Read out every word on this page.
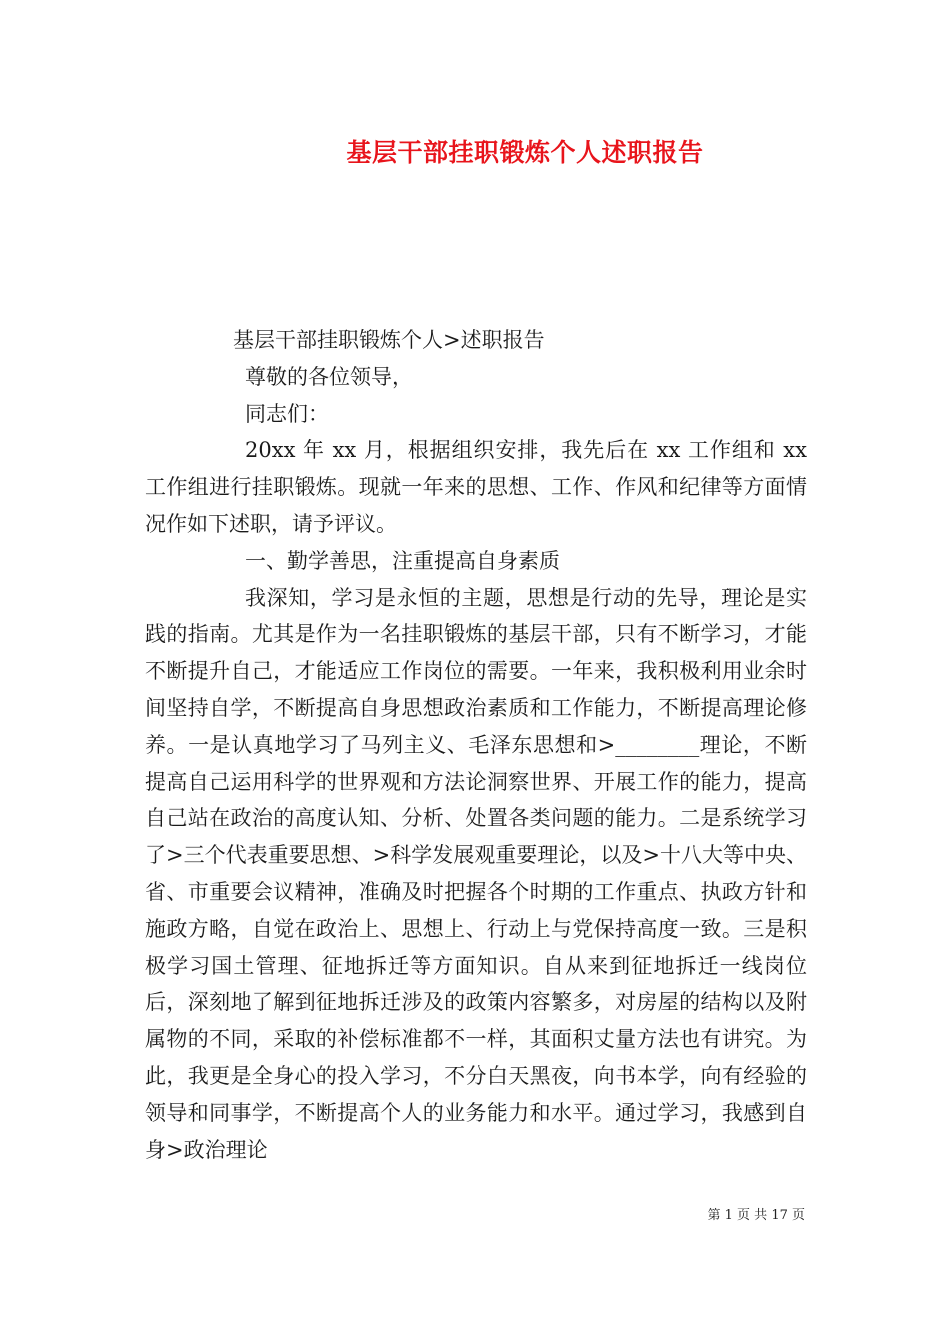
基层干部挂职锻炼个人述职报告

基层干部挂职锻炼个人>述职报告

尊敬的各位领导，

同志们：

20xx 年 xx 月，根据组织安排，我先后在 xx 工作组和 xx 工作组进行挂职锻炼。现就一年来的思想、工作、作风和纪律等方面情况作如下述职，请予评议。

一、勤学善思，注重提高自身素质

我深知，学习是永恒的主题，思想是行动的先导，理论是实践的指南。尤其是作为一名挂职锻炼的基层干部，只有不断学习，才能不断提升自己，才能适应工作岗位的需要。一年来，我积极利用业余时间坚持自学，不断提高自身思想政治素质和工作能力，不断提高理论修养。一是认真地学习了马列主义、毛泽东思想和>________理论，不断提高自己运用科学的世界观和方法论洞察世界、开展工作的能力，提高自己站在政治的高度认知、分析、处置各类问题的能力。二是系统学习了>三个代表重要思想、>科学发展观重要理论，以及>十八大等中央、省、市重要会议精神，准确及时把握各个时期的工作重点、执政方针和施政方略，自觉在政治上、思想上、行动上与党保持高度一致。三是积极学习国土管理、征地拆迁等方面知识。自从来到征地拆迁一线岗位后，深刻地了解到征地拆迁涉及的政策内容繁多，对房屋的结构以及附属物的不同，采取的补偿标准都不一样，其面积丈量方法也有讲究。为此，我更是全身心的投入学习，不分白天黑夜，向书本学，向有经验的领导和同事学，不断提高个人的业务能力和水平。通过学习，我感到自身>政治理论

第 1 页 共 17 页
